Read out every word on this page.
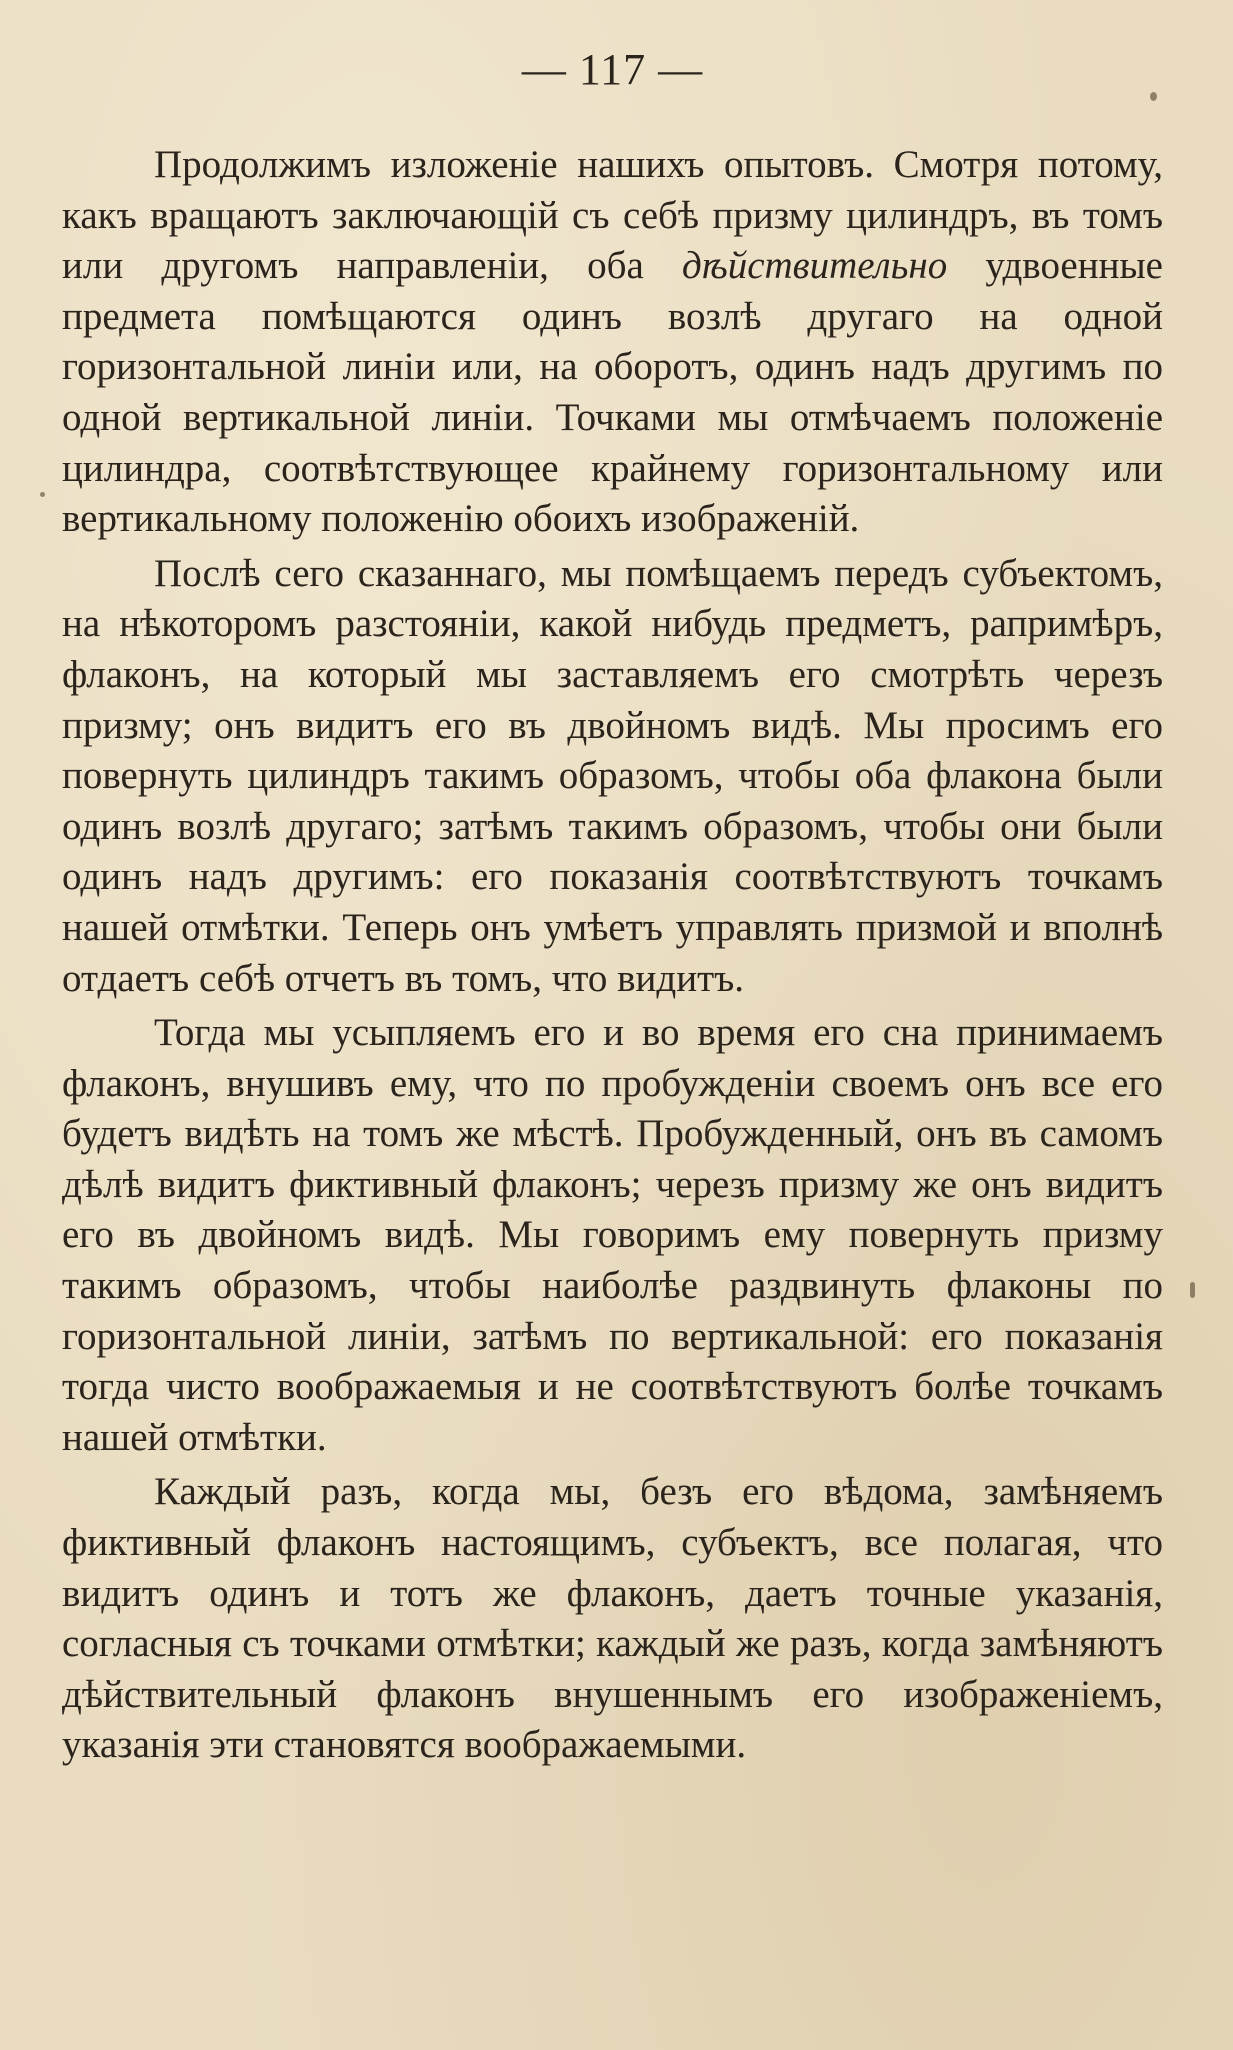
— 117 —

Продолжимъ изложеніе нашихъ опытовъ. Смотря потому, какъ вращаютъ заключающій съ себѣ призму цилиндръ, въ томъ или другомъ направленіи, оба дѣйствительно удвоенные предмета помѣщаются одинъ возлѣ другаго на одной горизонтальной линіи или, на оборотъ, одинъ надъ другимъ по одной вертикальной линіи. Точками мы отмѣчаемъ положеніе цилиндра, соотвѣтствующее крайнему горизонтальному или вертикальному положенію обоихъ изображеній.

Послѣ сего сказаннаго, мы помѣщаемъ передъ субъектомъ, на нѣкоторомъ разстояніи, какой нибудь предметъ, рапримѣръ, флаконъ, на который мы заставляемъ его смотрѣть черезъ призму; онъ видитъ его въ двойномъ видѣ. Мы просимъ его повернуть цилиндръ такимъ образомъ, чтобы оба флакона были одинъ возлѣ другаго; затѣмъ такимъ образомъ, чтобы они были одинъ надъ другимъ: его показанія соотвѣтствуютъ точкамъ нашей отмѣтки. Теперь онъ умѣетъ управлять призмой и вполнѣ отдаетъ себѣ отчетъ въ томъ, что видитъ.

Тогда мы усыпляемъ его и во время его сна принимаемъ флаконъ, внушивъ ему, что по пробужденіи своемъ онъ все его будетъ видѣть на томъ же мѣстѣ. Пробужденный, онъ въ самомъ дѣлѣ видитъ фиктивный флаконъ; черезъ призму же онъ видитъ его въ двойномъ видѣ. Мы говоримъ ему повернуть призму такимъ образомъ, чтобы наиболѣе раздвинуть флаконы по горизонтальной линіи, затѣмъ по вертикальной: его показанія тогда чисто воображаемыя и не соотвѣтствуютъ болѣе точкамъ нашей отмѣтки.

Каждый разъ, когда мы, безъ его вѣдома, замѣняемъ фиктивный флаконъ настоящимъ, субъектъ, все полагая, что видитъ одинъ и тотъ же флаконъ, даетъ точные указанія, согласныя съ точками отмѣтки; каждый же разъ, когда замѣняютъ дѣйствительный флаконъ внушеннымъ его изображеніемъ, указанія эти становятся воображаемыми.
